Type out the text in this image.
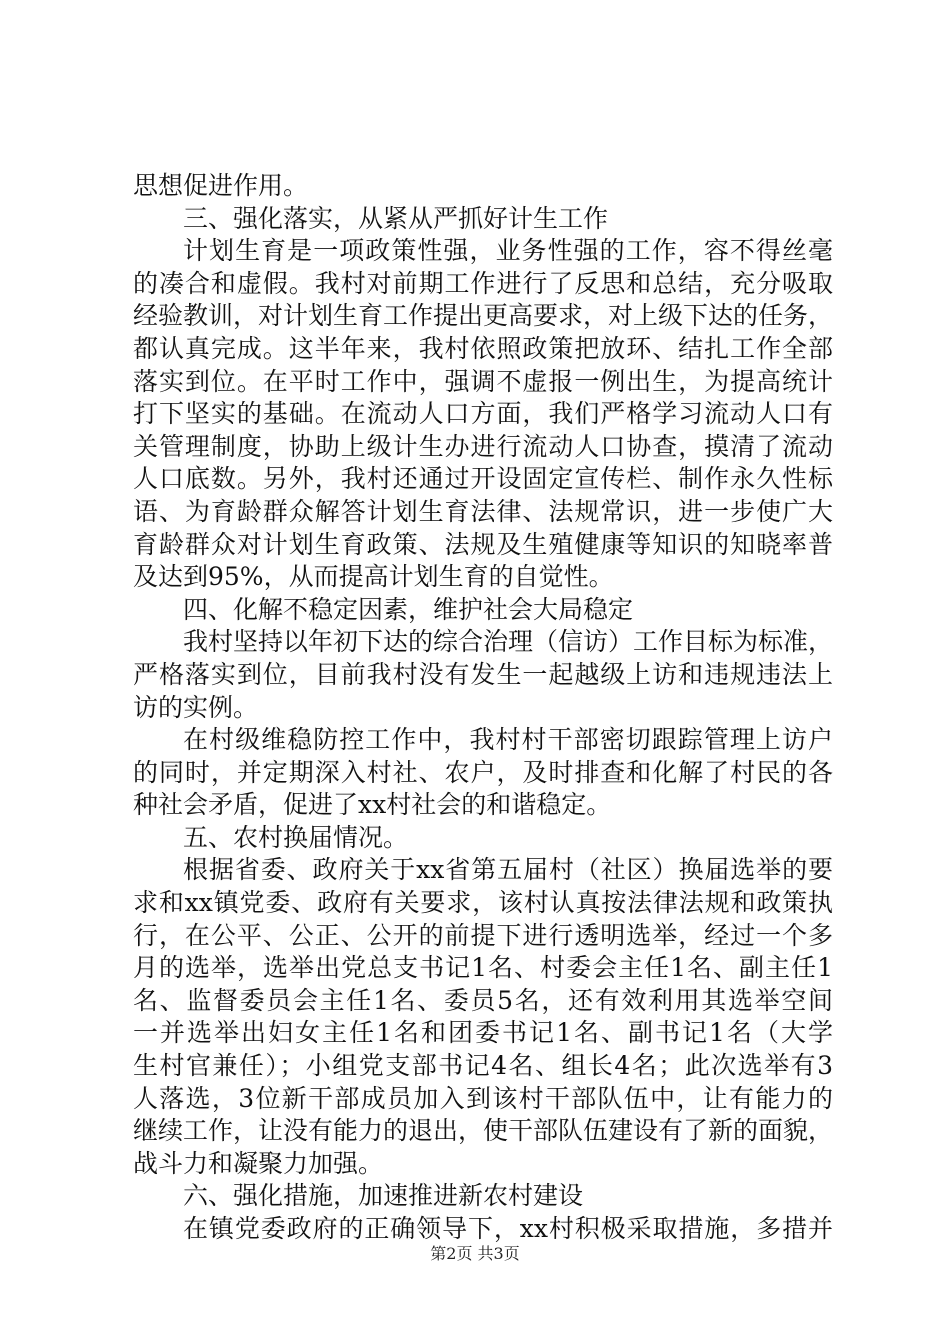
思想促进作用。
三、强化落实，从紧从严抓好计生工作
计划生育是一项政策性强，业务性强的工作，容不得丝毫
的凑合和虚假。我村对前期工作进行了反思和总结，充分吸取
经验教训，对计划生育工作提出更高要求，对上级下达的任务，
都认真完成。这半年来，我村依照政策把放环、结扎工作全部
落实到位。在平时工作中，强调不虚报一例出生，为提高统计
打下坚实的基础。在流动人口方面，我们严格学习流动人口有
关管理制度，协助上级计生办进行流动人口协查，摸清了流动
人口底数。另外，我村还通过开设固定宣传栏、制作永久性标
语、为育龄群众解答计划生育法律、法规常识，进一步使广大
育龄群众对计划生育政策、法规及生殖健康等知识的知晓率普
及达到95%，从而提高计划生育的自觉性。
四、化解不稳定因素，维护社会大局稳定
我村坚持以年初下达的综合治理（信访）工作目标为标准，
严格落实到位，目前我村没有发生一起越级上访和违规违法上
访的实例。
在村级维稳防控工作中，我村村干部密切跟踪管理上访户
的同时，并定期深入村社、农户，及时排查和化解了村民的各
种社会矛盾，促进了xx村社会的和谐稳定。
五、农村换届情况。
根据省委、政府关于xx省第五届村（社区）换届选举的要
求和xx镇党委、政府有关要求，该村认真按法律法规和政策执
行，在公平、公正、公开的前提下进行透明选举，经过一个多
月的选举，选举出党总支书记1名、村委会主任1名、副主任1
名、监督委员会主任1名、委员5名，还有效利用其选举空间
一并选举出妇女主任1名和团委书记1名、副书记1名（大学
生村官兼任）；小组党支部书记4名、组长4名；此次选举有3
人落选，3位新干部成员加入到该村干部队伍中，让有能力的
继续工作，让没有能力的退出，使干部队伍建设有了新的面貌，
战斗力和凝聚力加强。
六、强化措施，加速推进新农村建设
在镇党委政府的正确领导下，xx村积极采取措施，多措并
第2页 共3页
